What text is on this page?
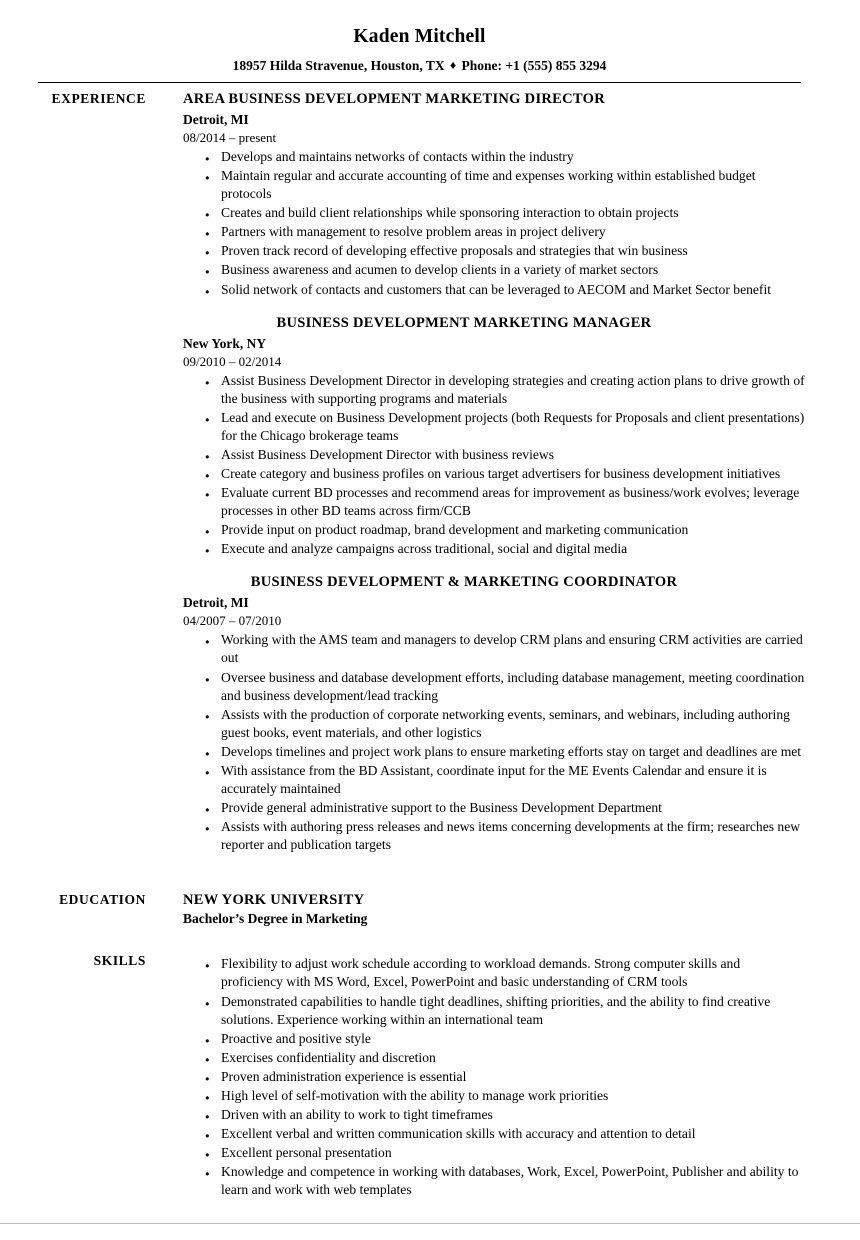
Kaden Mitchell
18957 Hilda Stravenue, Houston, TX ♦ Phone: +1 (555) 855 3294
EXPERIENCE	AREA BUSINESS DEVELOPMENT MARKETING DIRECTOR
Detroit, MI
08/2014 – present
● Develops and maintains networks of contacts within the industry
● Maintain regular and accurate accounting of time and expenses working within established budget protocols
● Creates and build client relationships while sponsoring interaction to obtain projects
● Partners with management to resolve problem areas in project delivery
● Proven track record of developing effective proposals and strategies that win business
● Business awareness and acumen to develop clients in a variety of market sectors
● Solid network of contacts and customers that can be leveraged to AECOM and Market Sector benefit
BUSINESS DEVELOPMENT MARKETING MANAGER
New York, NY
09/2010 – 02/2014
● Assist Business Development Director in developing strategies and creating action plans to drive growth of the business with supporting programs and materials
● Lead and execute on Business Development projects (both Requests for Proposals and client presentations) for the Chicago brokerage teams
● Assist Business Development Director with business reviews
● Create category and business profiles on various target advertisers for business development initiatives
● Evaluate current BD processes and recommend areas for improvement as business/work evolves; leverage processes in other BD teams across firm/CCB
● Provide input on product roadmap, brand development and marketing communication
● Execute and analyze campaigns across traditional, social and digital media
BUSINESS DEVELOPMENT & MARKETING COORDINATOR
Detroit, MI
04/2007 – 07/2010
● Working with the AMS team and managers to develop CRM plans and ensuring CRM activities are carried out
● Oversee business and database development efforts, including database management, meeting coordination and business development/lead tracking
● Assists with the production of corporate networking events, seminars, and webinars, including authoring guest books, event materials, and other logistics
● Develops timelines and project work plans to ensure marketing efforts stay on target and deadlines are met
● With assistance from the BD Assistant, coordinate input for the ME Events Calendar and ensure it is accurately maintained
● Provide general administrative support to the Business Development Department
● Assists with authoring press releases and news items concerning developments at the firm; researches new reporter and publication targets
EDUCATION	NEW YORK UNIVERSITY
Bachelor’s Degree in Marketing
SKILLS	● Flexibility to adjust work schedule according to workload demands. Strong computer skills and proficiency with MS Word, Excel, PowerPoint and basic understanding of CRM tools
● Demonstrated capabilities to handle tight deadlines, shifting priorities, and the ability to find creative solutions. Experience working within an international team
● Proactive and positive style
● Exercises confidentiality and discretion
● Proven administration experience is essential
● High level of self-motivation with the ability to manage work priorities
● Driven with an ability to work to tight timeframes
● Excellent verbal and written communication skills with accuracy and attention to detail
● Excellent personal presentation
● Knowledge and competence in working with databases, Work, Excel, PowerPoint, Publisher and ability to learn and work with web templates
